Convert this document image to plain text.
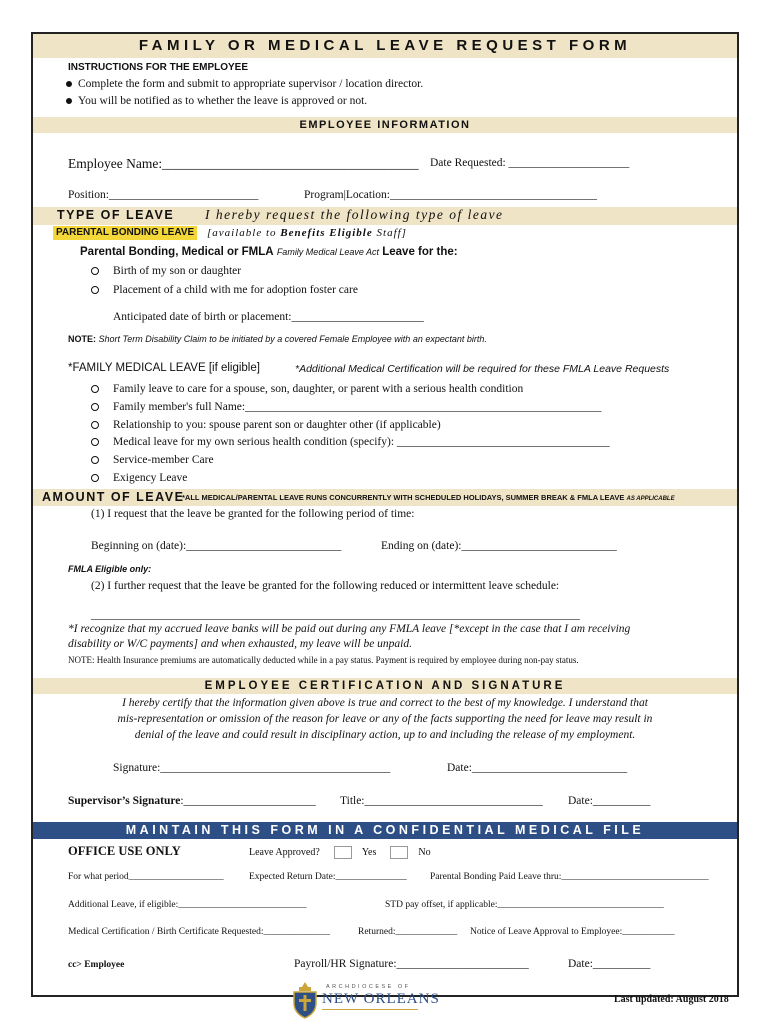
FAMILY OR MEDICAL LEAVE REQUEST FORM
INSTRUCTIONS FOR THE EMPLOYEE
Complete the form and submit to appropriate supervisor / location director.
You will be notified as to whether the leave is approved or not.
EMPLOYEE INFORMATION
Employee Name:______________________________________ Date Requested: _____________________
Position:__________________________	Program|Location:____________________________________
TYPE OF LEAVE I hereby request the following type of leave
PARENTAL BONDING LEAVE [available to Benefits Eligible Staff]
Parental Bonding, Medical or FMLA Family Medical Leave Act Leave for the:
Birth of my son or daughter
Placement of a child with me for adoption foster care
Anticipated date of birth or placement:_______________________
NOTE: Short Term Disability Claim to be initiated by a covered Female Employee with an expectant birth.
*FAMILY MEDICAL LEAVE [if eligible]	*Additional Medical Certification will be required for these FMLA Leave Requests
Family leave to care for a spouse, son, daughter, or parent with a serious health condition
Family member's full Name:______________________________________________________________
Relationship to you: spouse parent son or daughter other (if applicable)
Medical leave for my own serious health condition (specify): _____________________________________
Service-member Care
Exigency Leave
AMOUNT OF LEAVE
*ALL MEDICAL/PARENTAL LEAVE RUNS CONCURRENTLY WITH SCHEDULED HOLIDAYS, SUMMER BREAK & FMLA LEAVE AS APPLICABLE
(1) I request that the leave be granted for the following period of time:
Beginning on (date):___________________________	Ending on (date):___________________________
FMLA Eligible only:
(2) I further request that the leave be granted for the following reduced or intermittent leave schedule:
_____________________________________________________________________________________
*I recognize that my accrued leave banks will be paid out during any FMLA leave [*except in the case that I am receiving
disability or W/C payments] and when exhausted, my leave will be unpaid.
NOTE: Health Insurance premiums are automatically deducted while in a pay status. Payment is required by employee during non-pay status.
EMPLOYEE CERTIFICATION AND SIGNATURE
I hereby certify that the information given above is true and correct to the best of my knowledge. I understand that
mis-representation or omission of the reason for leave or any of the facts supporting the need for leave may result in
denial of the leave and could result in disciplinary action, up to and including the release of my employment.
Signature:________________________________________	Date:___________________________
Supervisor’s Signature:_______________________ Title:_______________________________ Date:__________
MAINTAIN THIS FORM IN A CONFIDENTIAL MEDICAL FILE
OFFICE USE ONLY	Leave Approved?	Yes	No
For what period____________________	Expected Return Date:_______________ Parental Bonding Paid Leave thru:_______________________________
Additional Leave, if eligible:___________________________	STD pay offset, if applicable:___________________________________
Medical Certification / Birth Certificate Requested:______________	Returned:_____________ Notice of Leave Approval to Employee:___________
cc> Employee	Payroll/HR Signature:_______________________	Date:__________
ARCHDIOCESE OF
NEW ORLEANS	Last updated: August 2018
